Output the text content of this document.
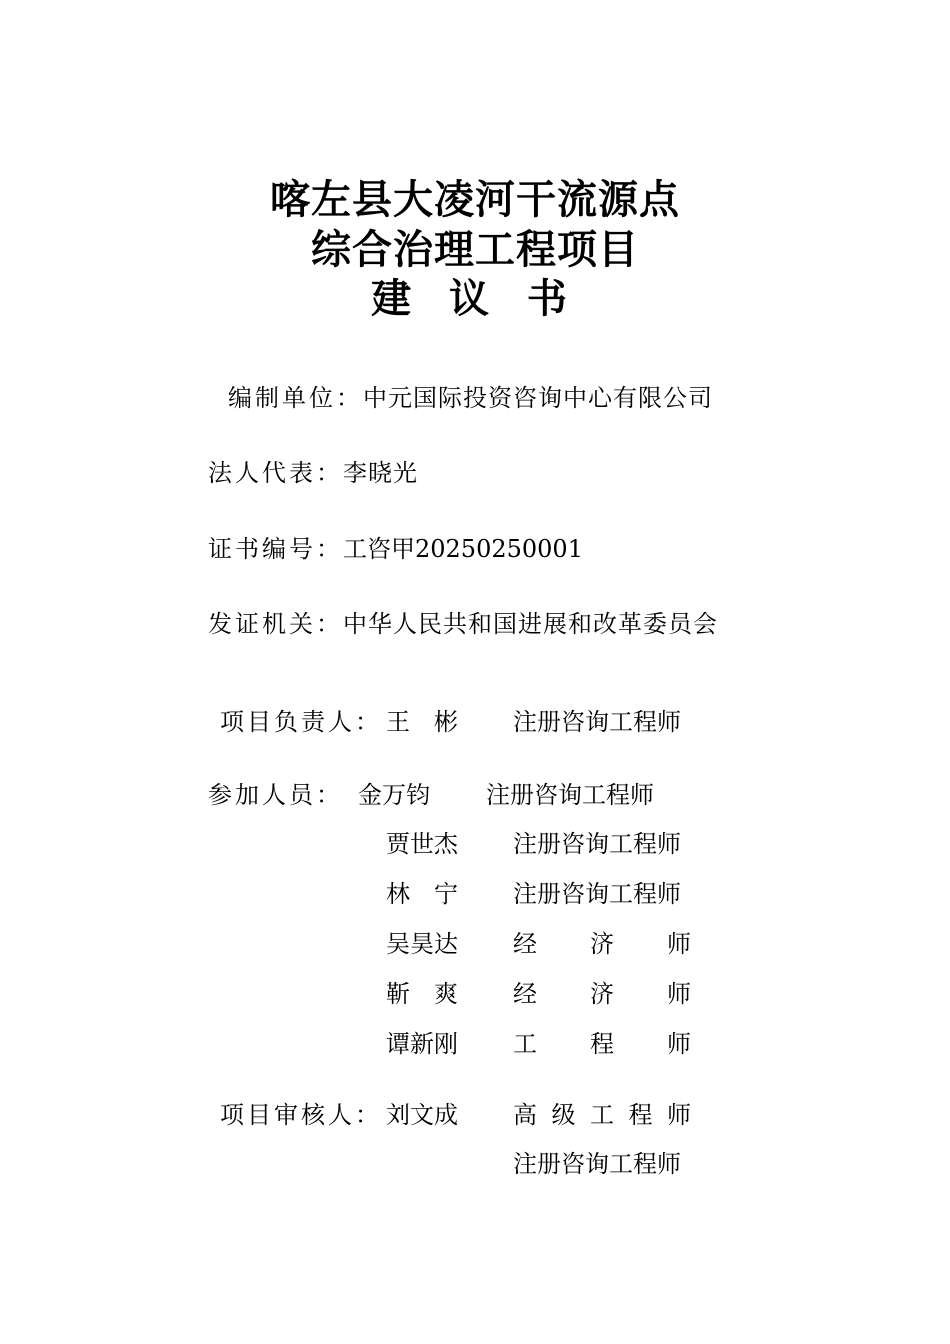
喀左县大凌河干流源点
综合治理工程项目
建 议 书
编制单位：中元国际投资咨询中心有限公司
法人代表：李晓光
证书编号：工咨甲20250250001
发证机关：中华人民共和国进展和改革委员会
项目负责人： 王　彬 注册咨询工程师
参加人员： 金万钧 注册咨询工程师
贾世杰 注册咨询工程师
林　宁 注册咨询工程师
吴昊达 经 济 师
靳　爽 经 济 师
谭新刚 工 程 师
项目审核人： 刘文成 高 级 工 程 师
注册咨询工程师
